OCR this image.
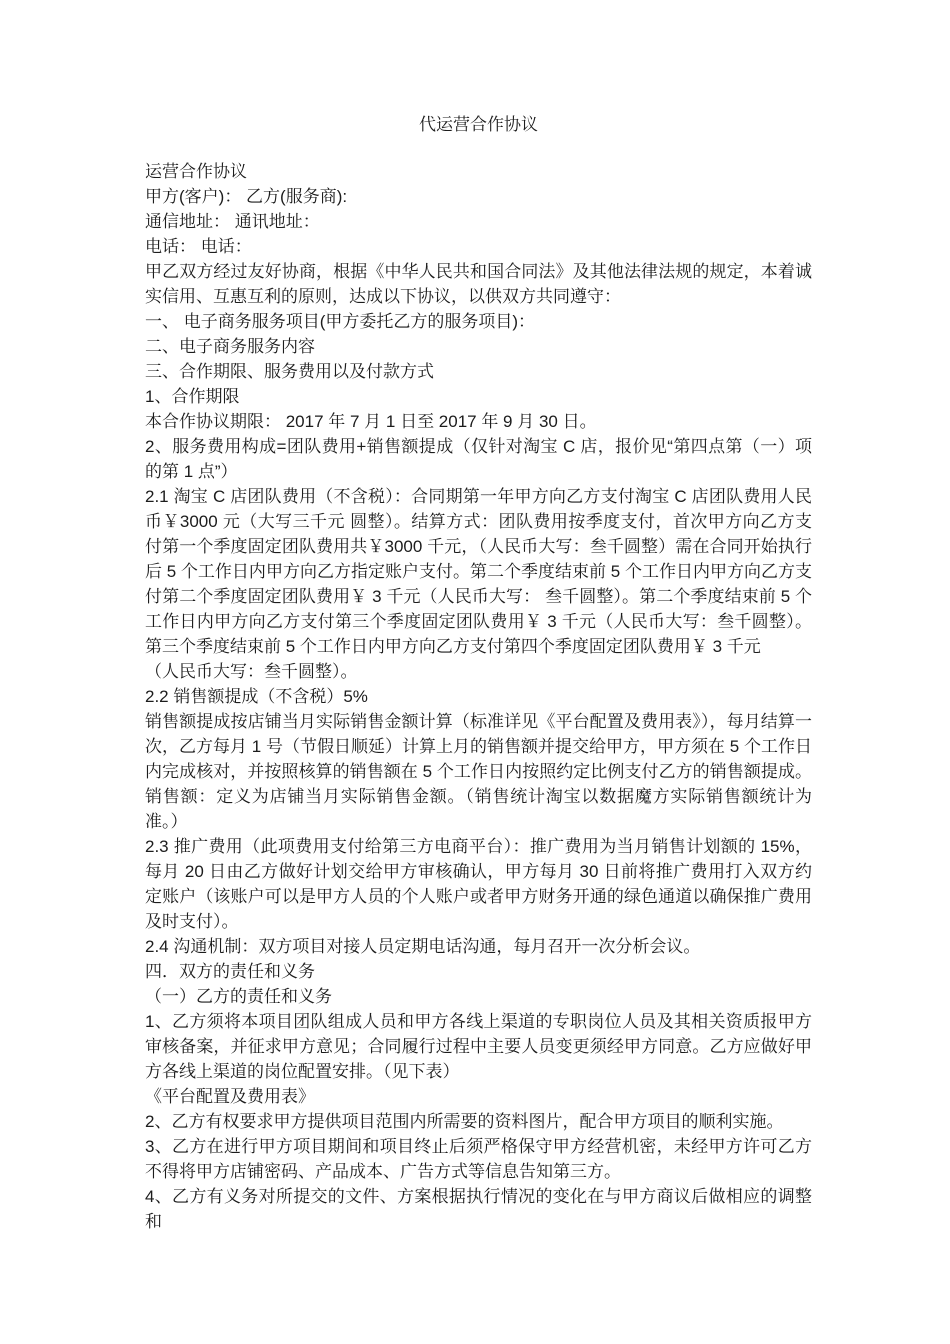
代运营合作协议

运营合作协议

甲方(客户)： 乙方(服务商):

通信地址： 通讯地址：

电话： 电话：

甲乙双方经过友好协商，根据《中华人民共和国合同法》及其他法律法规的规定，本着诚实信用、互惠互利的原则，达成以下协议，以供双方共同遵守：

一、 电子商务服务项目(甲方委托乙方的服务项目)：

二、电子商务服务内容

三、合作期限、服务费用以及付款方式

1、合作期限

本合作协议期限： 2017 年 7 月 1 日至 2017 年 9 月 30 日。

2、服务费用构成=团队费用+销售额提成（仅针对淘宝 C 店，报价见“第四点第（一）项的第 1 点”）

2.1 淘宝 C 店团队费用（不含税）：合同期第一年甲方向乙方支付淘宝 C 店团队费用人民币￥3000 元（大写三千元 圆整）。结算方式：团队费用按季度支付，首次甲方向乙方支付第一个季度固定团队费用共￥3000 千元，（人民币大写：叁千圆整）需在合同开始执行后 5 个工作日内甲方向乙方指定账户支付。第二个季度结束前 5 个工作日内甲方向乙方支付第二个季度固定团队费用￥ 3 千元（人民币大写： 叁千圆整）。第二个季度结束前 5 个工作日内甲方向乙方支付第三个季度固定团队费用￥ 3 千元（人民币大写：叁千圆整）。第三个季度结束前 5 个工作日内甲方向乙方支付第四个季度固定团队费用￥ 3 千元

（人民币大写：叁千圆整）。

2.2 销售额提成（不含税）5%

销售额提成按店铺当月实际销售金额计算（标准详见《平台配置及费用表》），每月结算一次，乙方每月 1 号（节假日顺延）计算上月的销售额并提交给甲方，甲方须在 5 个工作日内完成核对，并按照核算的销售额在 5 个工作日内按照约定比例支付乙方的销售额提成。销售额：定义为店铺当月实际销售金额。（销售统计淘宝以数据魔方实际销售额统计为准。）

2.3 推广费用（此项费用支付给第三方电商平台）：推广费用为当月销售计划额的 15%，每月 20 日由乙方做好计划交给甲方审核确认，甲方每月 30 日前将推广费用打入双方约定账户（该账户可以是甲方人员的个人账户或者甲方财务开通的绿色通道以确保推广费用及时支付）。

2.4 沟通机制：双方项目对接人员定期电话沟通，每月召开一次分析会议。

四．双方的责任和义务

（一）乙方的责任和义务

1、乙方须将本项目团队组成人员和甲方各线上渠道的专职岗位人员及其相关资质报甲方审核备案，并征求甲方意见；合同履行过程中主要人员变更须经甲方同意。乙方应做好甲方各线上渠道的岗位配置安排。（见下表）

《平台配置及费用表》

2、乙方有权要求甲方提供项目范围内所需要的资料图片，配合甲方项目的顺利实施。

3、乙方在进行甲方项目期间和项目终止后须严格保守甲方经营机密，未经甲方许可乙方不得将甲方店铺密码、产品成本、广告方式等信息告知第三方。

4、乙方有义务对所提交的文件、方案根据执行情况的变化在与甲方商议后做相应的调整和
